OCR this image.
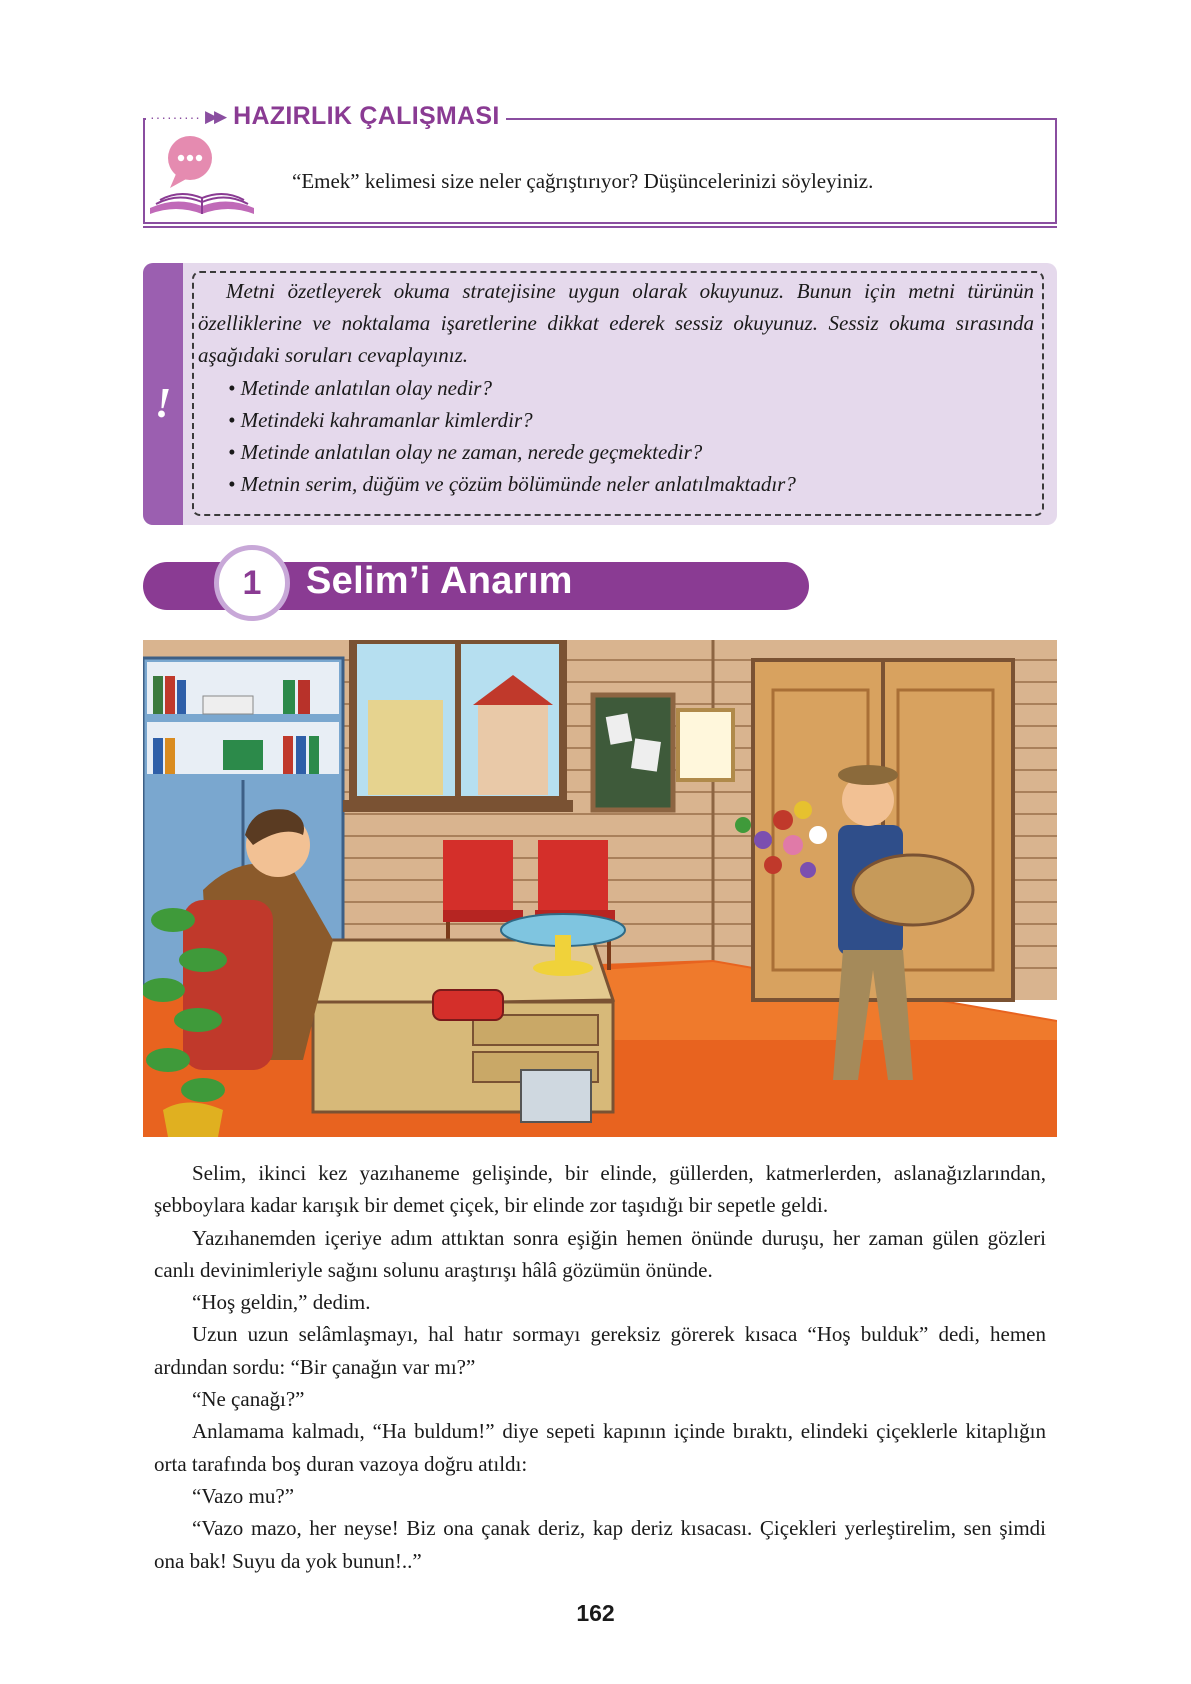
········· ▶▶ HAZIRLIK ÇALIŞMASI
“Emek” kelimesi size neler çağrıştırıyor? Düşüncelerinizi söyleyiniz.
!

Metni özetleyerek okuma stratejisine uygun olarak okuyunuz. Bunun için metni türünün özelliklerine ve noktalama işaretlerine dikkat ederek sessiz okuyunuz. Sessiz okuma sırasında aşağıdaki soruları cevaplayınız.

• Metinde anlatılan olay nedir?
• Metindeki kahramanlar kimlerdir?
• Metinde anlatılan olay ne zaman, nerede geçmektedir?
• Metnin serim, düğüm ve çözüm bölümünde neler anlatılmaktadır?
1 Selim’i Anarım

Selim, ikinci kez yazıhaneme gelişinde, bir elinde, güllerden, katmerlerden, aslanağızlarından, şebboylara kadar karışık bir demet çiçek, bir elinde zor taşıdığı bir sepetle geldi.

Yazıhanemden içeriye adım attıktan sonra eşiğin hemen önünde duruşu, her zaman gülen gözleri canlı devinimleriyle sağını solunu araştırışı hâlâ gözümün önünde.

“Hoş geldin,” dedim.

Uzun uzun selâmlaşmayı, hal hatır sormayı gereksiz görerek kısaca “Hoş bulduk” dedi, hemen ardından sordu: “Bir çanağın var mı?”

“Ne çanağı?”

Anlamama kalmadı, “Ha buldum!” diye sepeti kapının içinde bıraktı, elindeki çiçeklerle kitaplığın orta tarafında boş duran vazoya doğru atıldı:

“Vazo mu?”

“Vazo mazo, her neyse! Biz ona çanak deriz, kap deriz kısacası. Çiçekleri yerleştirelim, sen şimdi ona bak! Suyu da yok bunun!..”

162
